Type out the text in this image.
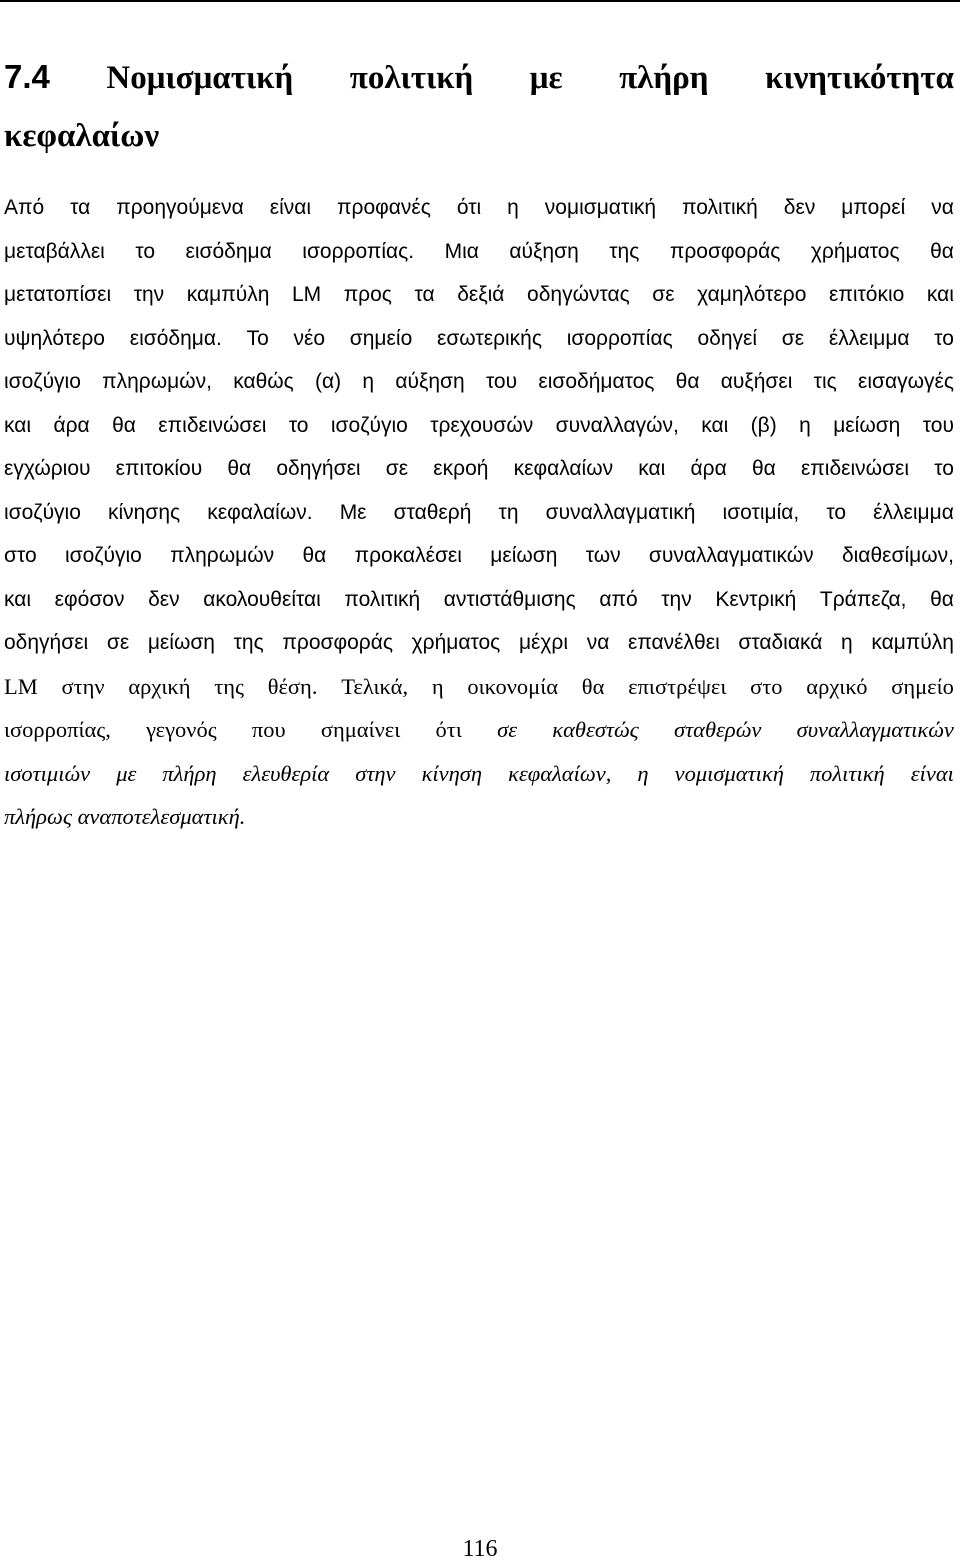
7.4 Νομισματική πολιτική με πλήρη κινητικότητα
κεφαλαίων
Από τα προηγούμενα είναι προφανές ότι η νομισματική πολιτική δεν μπορεί να
μεταβάλλει το εισόδημα ισορροπίας. Μια αύξηση της προσφοράς χρήματος θα
μετατοπίσει την καμπύλη LM προς τα δεξιά οδηγώντας σε χαμηλότερο επιτόκιο και
υψηλότερο εισόδημα. Το νέο σημείο εσωτερικής ισορροπίας οδηγεί σε έλλειμμα το
ισοζύγιο πληρωμών, καθώς (α) η αύξηση του εισοδήματος θα αυξήσει τις εισαγωγές
και άρα θα επιδεινώσει το ισοζύγιο τρεχουσών συναλλαγών, και (β) η μείωση του
εγχώριου επιτοκίου θα οδηγήσει σε εκροή κεφαλαίων και άρα θα επιδεινώσει το
ισοζύγιο κίνησης κεφαλαίων. Με σταθερή τη συναλλαγματική ισοτιμία, το έλλειμμα
στο ισοζύγιο πληρωμών θα προκαλέσει μείωση των συναλλαγματικών διαθεσίμων,
και εφόσον δεν ακολουθείται πολιτική αντιστάθμισης από την Κεντρική Τράπεζα, θα
οδηγήσει σε μείωση της προσφοράς χρήματος μέχρι να επανέλθει σταδιακά η καμπύλη
LM στην αρχική της θέση. Τελικά, η οικονομία θα επιστρέψει στο αρχικό σημείο
ισορροπίας, γεγονός που σημαίνει ότι σε καθεστώς σταθερών συναλλαγματικών
ισοτιμιών με πλήρη ελευθερία στην κίνηση κεφαλαίων, η νομισματική πολιτική είναι
πλήρως αναποτελεσματική.
116
